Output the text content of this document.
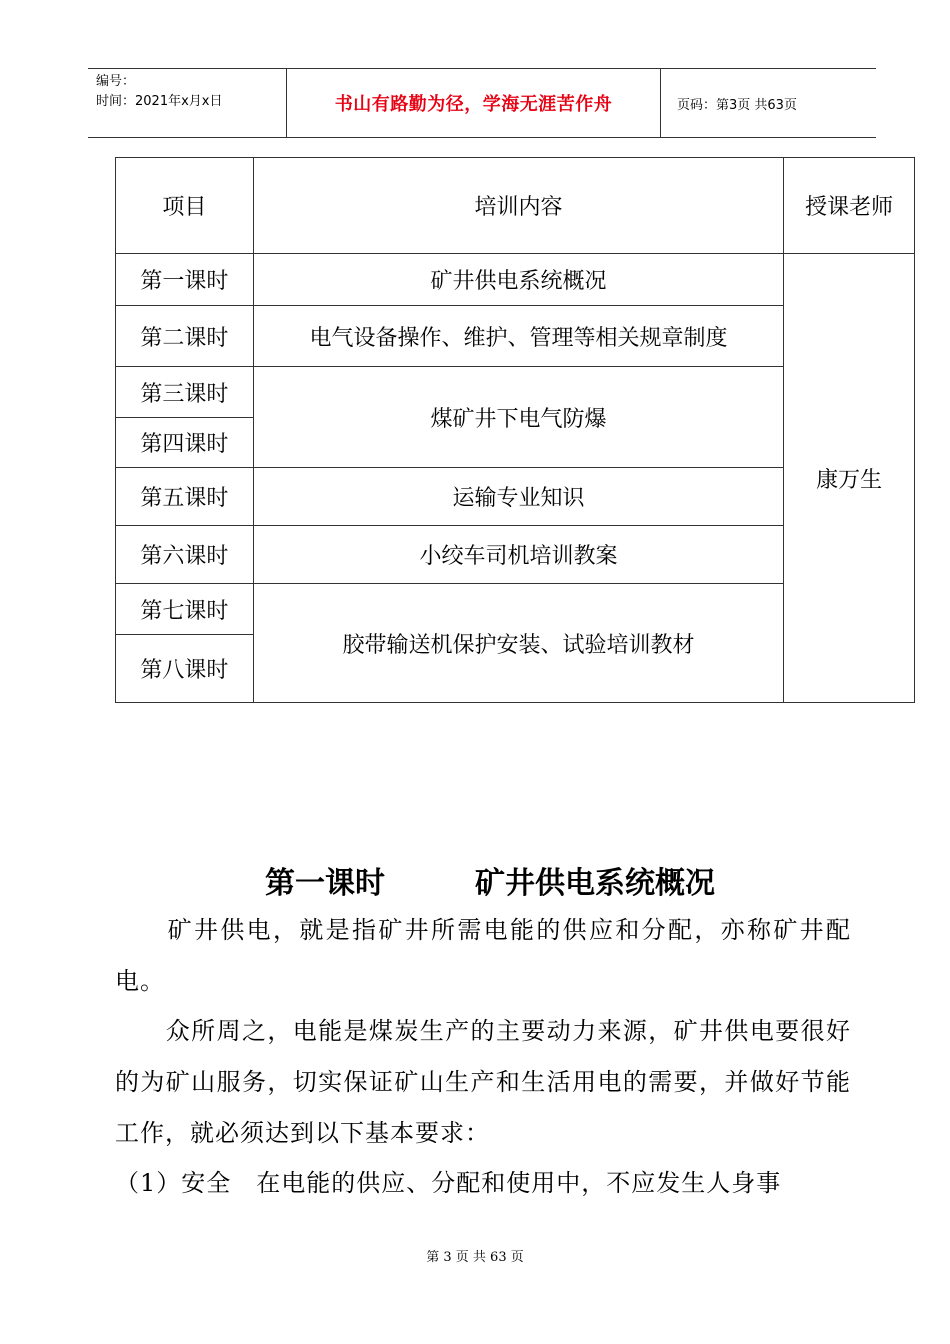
编号：
时间：2021年x月x日	书山有路勤为径，学海无涯苦作舟	页码：第3页 共63页
项目	培训内容	授课老师
第一课时	矿井供电系统概况	康万生
第二课时	电气设备操作、维护、管理等相关规章制度	
第三课时	煤矿井下电气防爆	
第四课时		
第五课时	运输专业知识	
第六课时	小绞车司机培训教案	
第七课时	胶带输送机保护安装、试验培训教材	
第八课时		
第一课时	矿井供电系统概况
　　矿井供电，就是指矿井所需电能的供应和分配，亦称矿井配电。
　　众所周之，电能是煤炭生产的主要动力来源，矿井供电要很好的为矿山服务，切实保证矿山生产和生活用电的需要，并做好节能工作，就必须达到以下基本要求：
（1）安全　在电能的供应、分配和使用中，不应发生人身事
第 3 页 共 63 页
